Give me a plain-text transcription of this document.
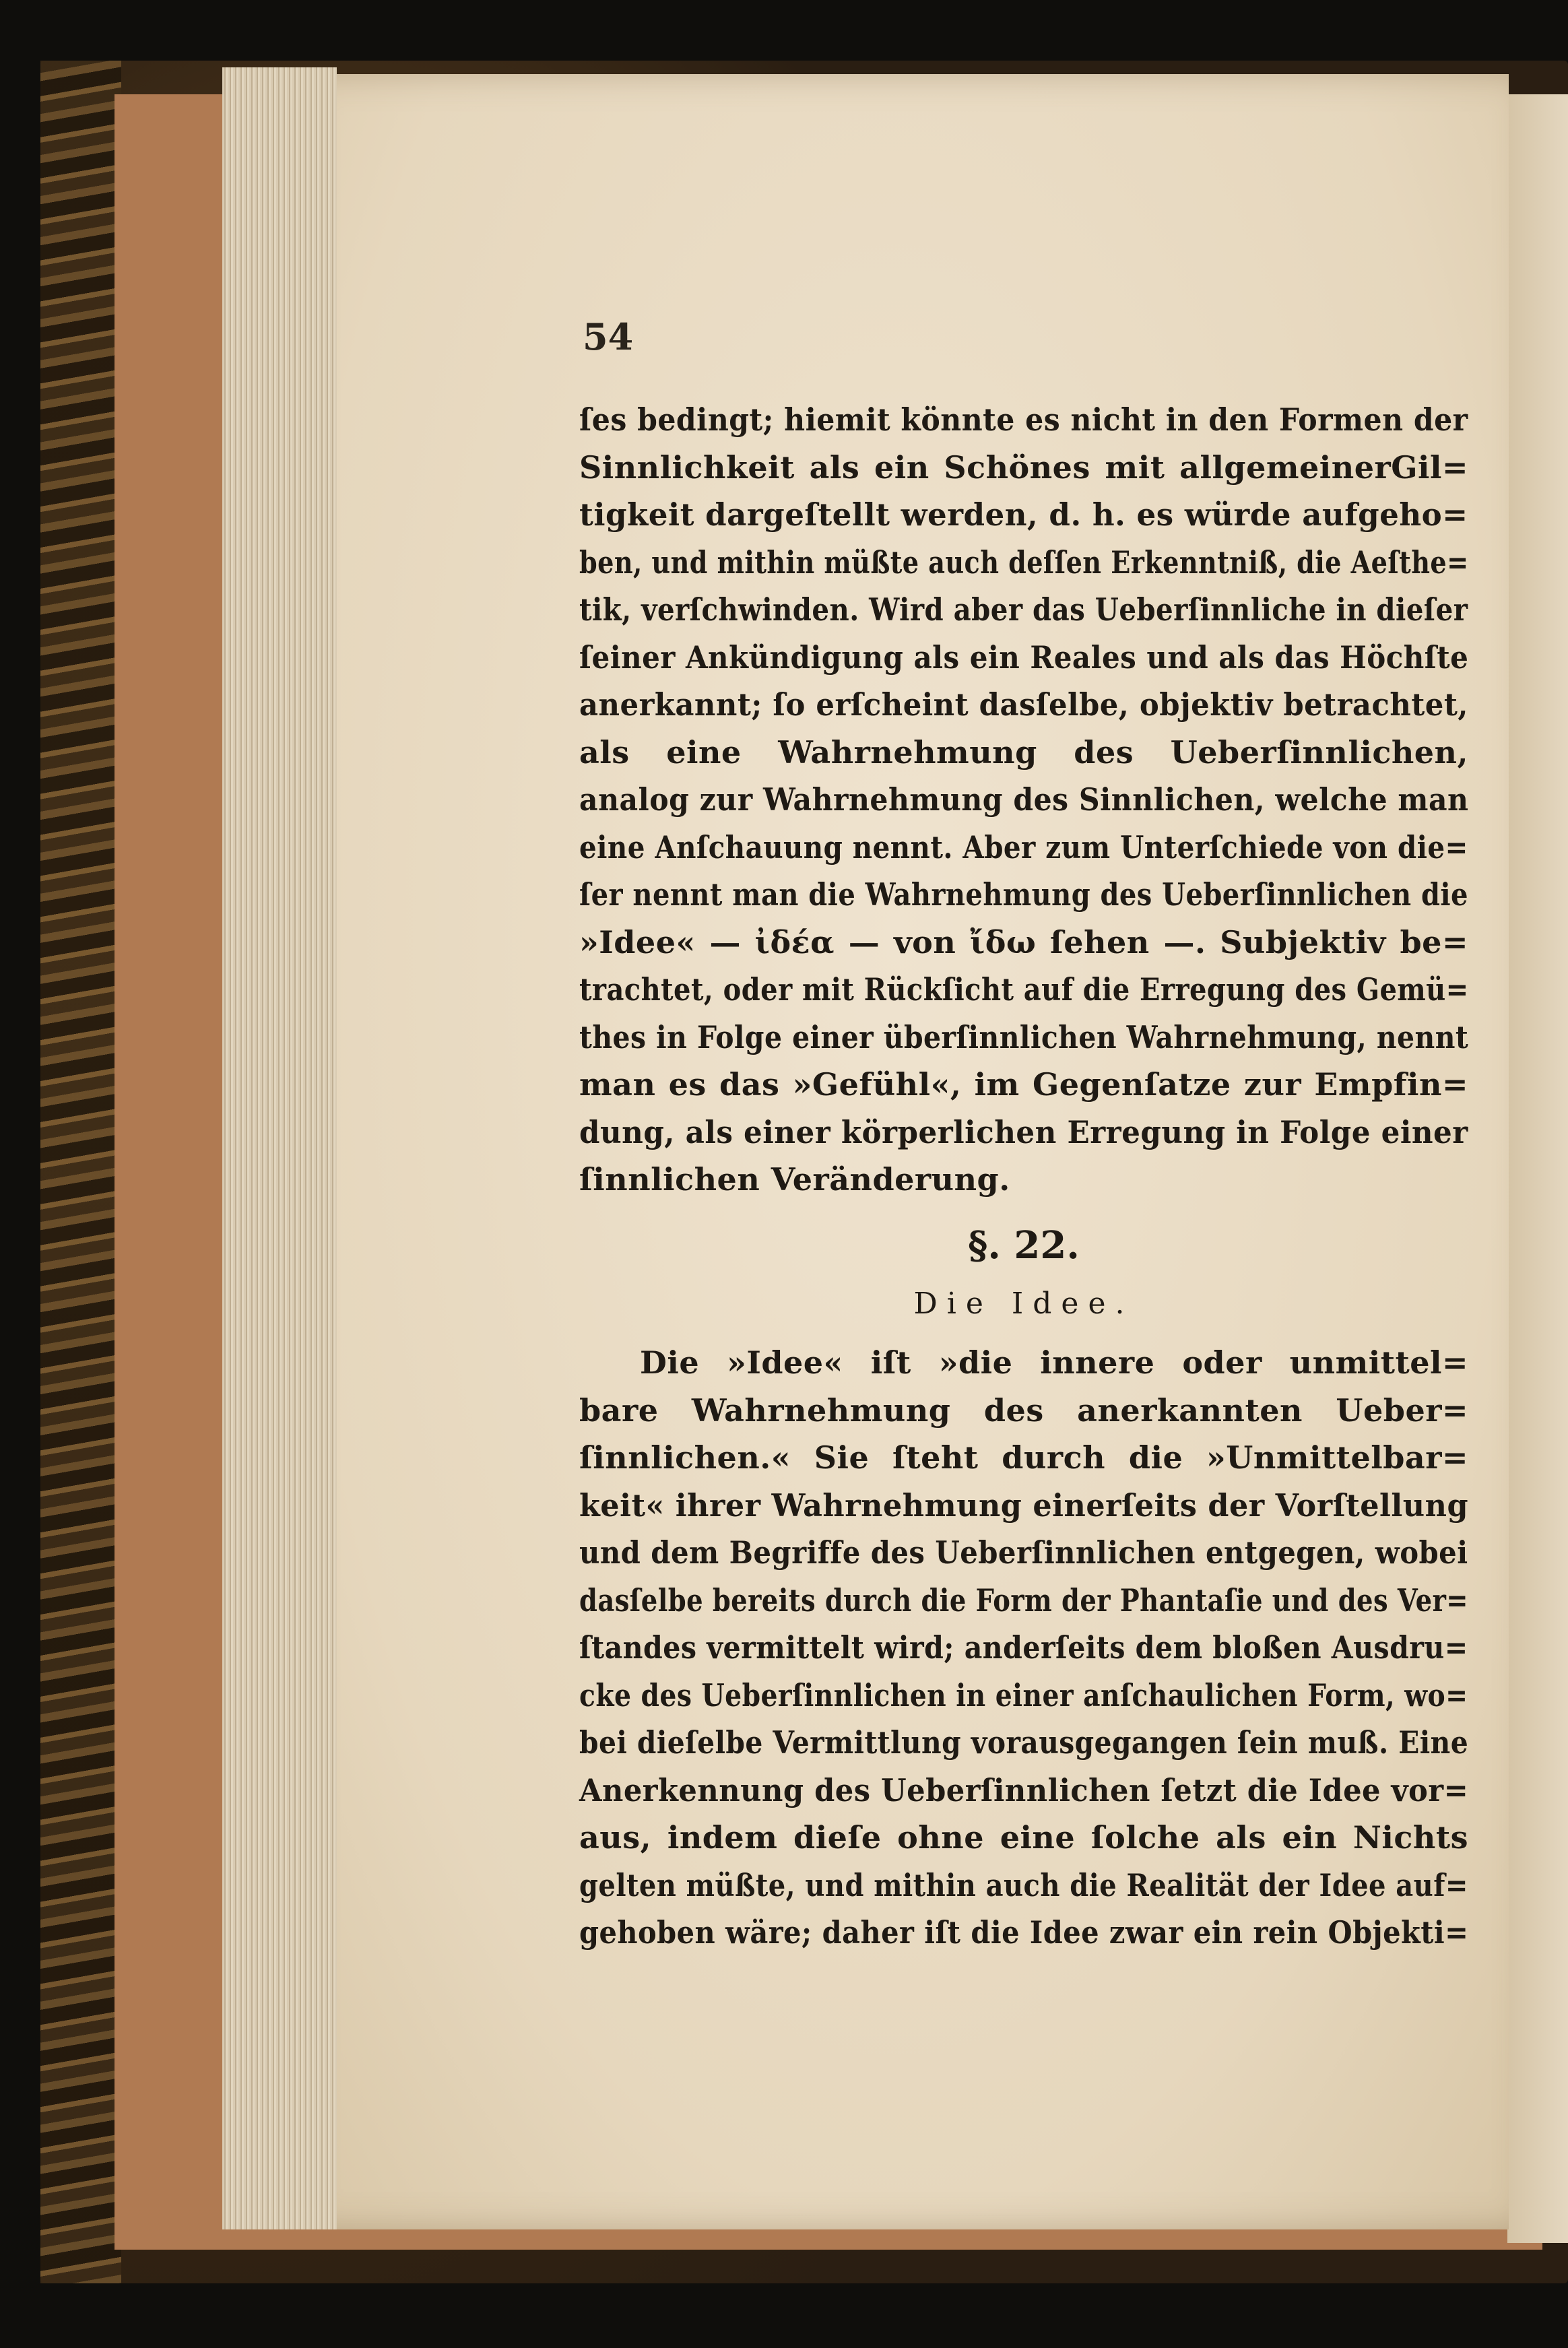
54
ſes bedingt; hiemit könnte es nicht in den Formen der
Sinnlichkeit als ein Schönes mit allgemeinerGil=
tigkeit dargeſtellt werden, d. h. es würde aufgeho=
ben, und mithin müßte auch deſſen Erkenntniß, die Aeſthe=
tik, verſchwinden. Wird aber das Ueberſinnliche in dieſer
ſeiner Ankündigung als ein Reales und als das Höchſte
anerkannt; ſo erſcheint dasſelbe, objektiv betrachtet,
als eine Wahrnehmung des Ueberſinnlichen,
analog zur Wahrnehmung des Sinnlichen, welche man
eine Anſchauung nennt. Aber zum Unterſchiede von die=
ſer nennt man die Wahrnehmung des Ueberſinnlichen die
»Idee« — ἰδέα — von ἴδω ſehen —. Subjektiv be=
trachtet, oder mit Rückſicht auf die Erregung des Gemü=
thes in Folge einer überſinnlichen Wahrnehmung, nennt
man es das »Gefühl«, im Gegenſatze zur Empfin=
dung, als einer körperlichen Erregung in Folge einer
ſinnlichen Veränderung.
§. 22.
Die Idee.
Die »Idee« iſt »die innere oder unmittel=
bare Wahrnehmung des anerkannten Ueber=
ſinnlichen.« Sie ſteht durch die »Unmittelbar=
keit« ihrer Wahrnehmung einerſeits der Vorſtellung
und dem Begriffe des Ueberſinnlichen entgegen, wobei
dasſelbe bereits durch die Form der Phantaſie und des Ver=
ſtandes vermittelt wird; anderſeits dem bloßen Ausdru=
cke des Ueberſinnlichen in einer anſchaulichen Form, wo=
bei dieſelbe Vermittlung vorausgegangen ſein muß. Eine
Anerkennung des Ueberſinnlichen ſetzt die Idee vor=
aus, indem dieſe ohne eine ſolche als ein Nichts
gelten müßte, und mithin auch die Realität der Idee auf=
gehoben wäre; daher iſt die Idee zwar ein rein Objekti=
